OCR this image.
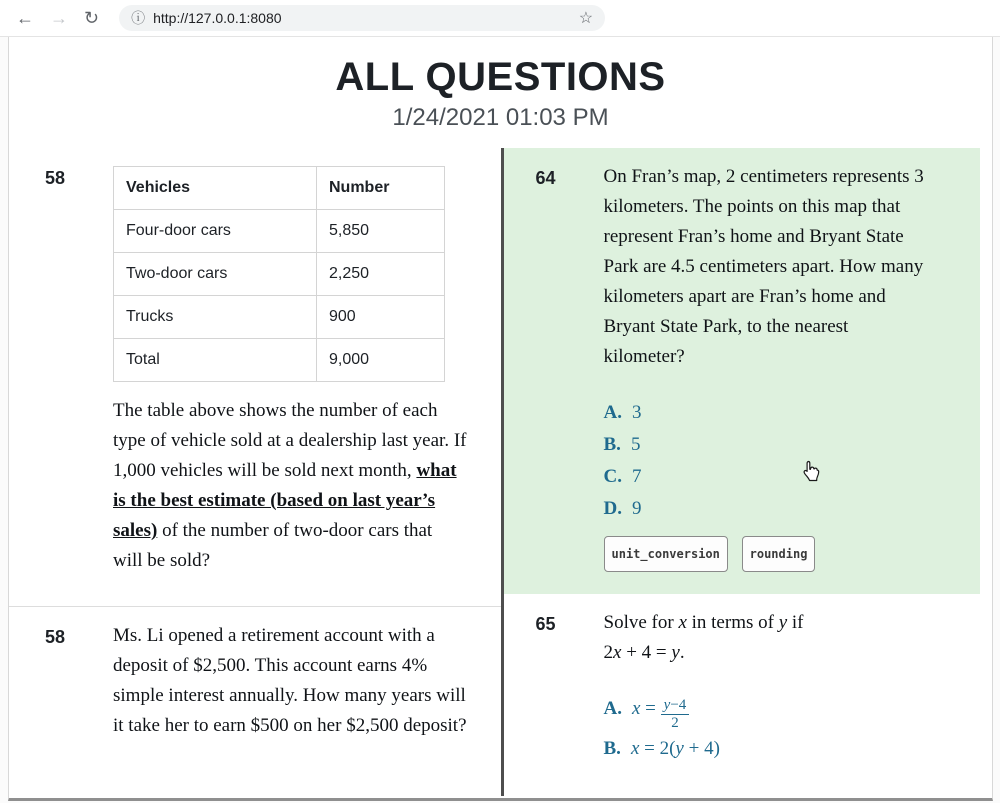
← → ↻ ⓘ http://127.0.0.1:8080	☆
ALL QUESTIONS
1/24/2021 01:03 PM
58	Vehicles	Number
Four-door cars	5,850
Two-door cars	2,250
Trucks	900
Total	9,000

The table above shows the number of each type of vehicle sold at a dealership last year. If 1,000 vehicles will be sold next month, what is the best estimate (based on last year’s sales) of the number of two-door cars that will be sold?

58	Ms. Li opened a retirement account with a deposit of $2,500. This account earns 4% simple interest annually. How many years will it take her to earn $500 on her $2,500 deposit?

64	On Fran’s map, 2 centimeters represents 3 kilometers. The points on this map that represent Fran’s home and Bryant State Park are 4.5 centimeters apart. How many kilometers apart are Fran’s home and Bryant State Park, to the nearest kilometer?

A. 3
B. 5
C. 7
D. 9
unit_conversion rounding
65	Solve for x in terms of y if
2x + 4 = y.

A. $x = \frac{y-4}{2}$
B. x = 2(y + 4)
